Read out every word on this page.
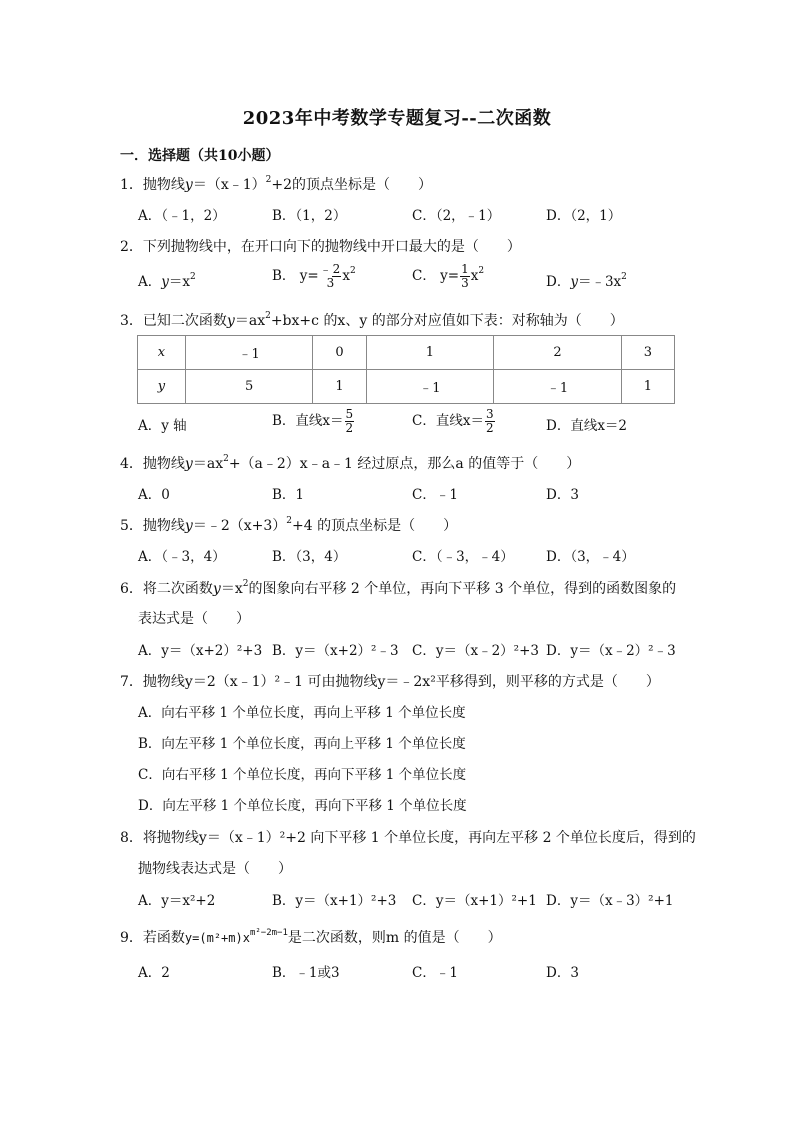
2023年中考数学专题复习--二次函数
一．选择题（共10小题）
1．抛物线y＝（x﹣1）$^2$+2的顶点坐标是（　　）
A．（﹣1，2）	B．（1，2）	C．（2，﹣1）	D．（2，1）
2．下列抛物线中，在开口向下的抛物线中开口最大的是（　　）
A．$y=x^2$	B． y=﹣2
3 $x^2$	C． $y= \frac{1}{3} x^2$
D．$y=﹣3x^2$
3．已知二次函数$y=ax^2+bx+c$ 的x、y 的部分对应值如下表：对称轴为（　　）
x	﹣1	0	1	2	3
y	5	1	﹣1	﹣1	1
A．y 轴	B．直线$x= \frac{5}{2}$	C．直线$x= \frac{3}{2}$	D．直线x＝2
4．抛物线$y=ax^2+(a﹣2)x﹣a﹣1$ 经过原点，那么a 的值等于（　　）
A．0	B．1	C．﹣1	D．3
5．抛物线$y=﹣2(x+3)^2+4$ 的顶点坐标是（　　）
A．（﹣3，4）	B．（3，4）	C．（﹣3，﹣4） D．（3，﹣4）
6．将二次函数$y=x^2$的图象向右平移 2 个单位，再向下平移 3 个单位，得到的函数图象的
表达式是（　　）
A．y＝（x+2）²+3 B．y＝（x+2）²﹣3 C．y＝（x﹣2）²+3 D．y＝（x﹣2）²﹣3
7．抛物线y＝2（x﹣1）²﹣1 可由抛物线y＝﹣2x²平移得到，则平移的方式是（　　）
A．向右平移 1 个单位长度，再向上平移 1 个单位长度
B．向左平移 1 个单位长度，再向上平移 1 个单位长度
C．向右平移 1 个单位长度，再向下平移 1 个单位长度
D．向左平移 1 个单位长度，再向下平移 1 个单位长度
8．将抛物线y＝（x﹣1）²+2 向下平移 1 个单位长度，再向左平移 2 个单位长度后，得到的
抛物线表达式是（　　）
A．y＝x²+2	B．y＝（x+1）²+3 C．y＝（x+1）²+1 D．y＝（x﹣3）²+1
9．若函数$y=(m^2+m)x^{m^2-2m-1}$是二次函数，则m 的值是（　　）
A．2	B．﹣1或3	C．﹣1	D．3
